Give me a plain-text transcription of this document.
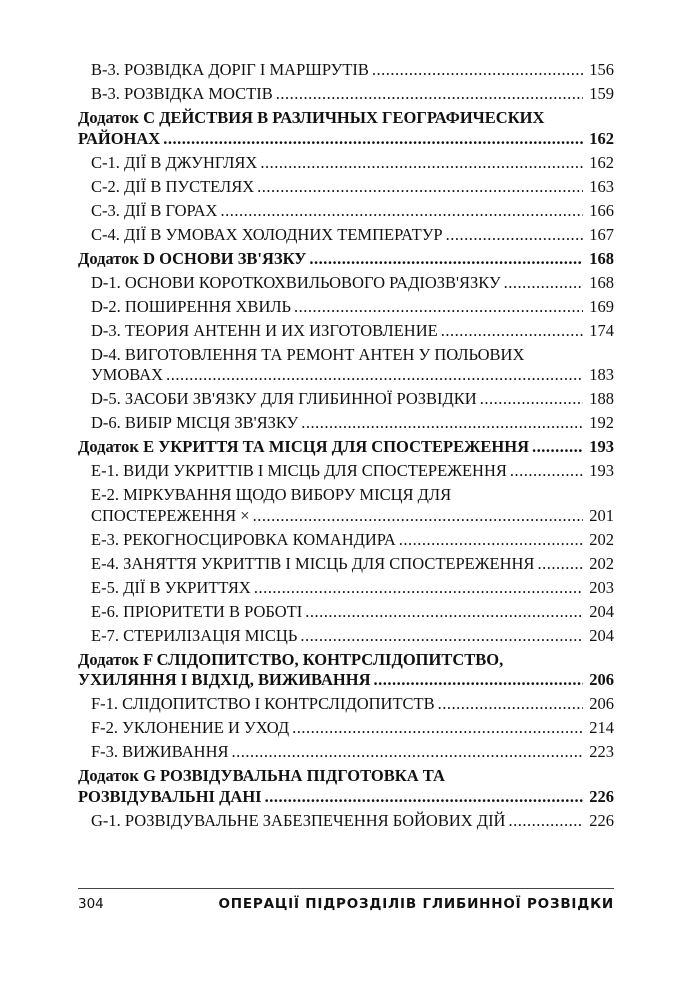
B-3. РОЗВІДКА ДОРІГ І МАРШРУТІВ .....	156
B-3. РОЗВІДКА МОСТІВ .....	159
Додаток C ДЕЙСТВИЯ В РАЗЛИЧНЫХ ГЕОГРАФИЧЕСКИХ
РАЙОНАХ .....	162
C-1. ДІЇ В ДЖУНГЛЯХ .....	162
C-2. ДІЇ В ПУСТЕЛЯХ .....	163
C-3. ДІЇ В ГОРАХ .....	166
C-4. ДІЇ В УМОВАХ ХОЛОДНИХ ТЕМПЕРАТУР .....	167
Додаток D ОСНОВИ ЗВ'ЯЗКУ .....	168
D-1. ОСНОВИ КОРОТКОХВИЛЬОВОГО РАДІОЗВ'ЯЗКУ .....	168
D-2. ПОШИРЕННЯ ХВИЛЬ .....	169
D-3. ТЕОРИЯ АНТЕНН И ИХ ИЗГОТОВЛЕНИЕ .....	174
D-4. ВИГОТОВЛЕННЯ ТА РЕМОНТ АНТЕН У ПОЛЬОВИХ
УМОВАХ .....	183
D-5. ЗАСОБИ ЗВ'ЯЗКУ ДЛЯ ГЛИБИННОЇ РОЗВІДКИ .....	188
D-6. ВИБІР МІСЦЯ ЗВ'ЯЗКУ .....	192
Додаток E УКРИТТЯ ТА МІСЦЯ ДЛЯ СПОСТЕРЕЖЕННЯ .....	193
E-1. ВИДИ УКРИТТІВ І МІСЦЬ ДЛЯ СПОСТЕРЕЖЕННЯ .....	193
E-2. МІРКУВАННЯ ЩОДО ВИБОРУ МІСЦЯ ДЛЯ
СПОСТЕРЕЖЕННЯ × .....	201
E-3. РЕКОГНОСЦИРОВКА КОМАНДИРА .....	202
E-4. ЗАНЯТТЯ УКРИТТІВ І МІСЦЬ ДЛЯ СПОСТЕРЕЖЕННЯ .....	202
E-5. ДІЇ В УКРИТТЯХ .....	203
E-6. ПРІОРИТЕТИ В РОБОТІ .....	204
E-7. СТЕРИЛІЗАЦІЯ МІСЦЬ .....	204
Додаток F СЛІДОПИТСТВО, КОНТРСЛІДОПИТСТВО,
УХИЛЯННЯ І ВІДХІД, ВИЖИВАННЯ .....	206
F-1. СЛІДОПИТСТВО І КОНТРСЛІДОПИТСТВ .....	206
F-2. УКЛОНЕНИЕ И УХОД .....	214
F-3. ВИЖИВАННЯ .....	223
Додаток G РОЗВІДУВАЛЬНА ПІДГОТОВКА ТА
РОЗВІДУВАЛЬНІ ДАНІ .....	226
G-1. РОЗВІДУВАЛЬНЕ ЗАБЕЗПЕЧЕННЯ БОЙОВИХ ДІЙ .....	226
304	ОПЕРАЦІЇ ПІДРОЗДІЛІВ ГЛИБИННОЇ РОЗВІДКИ
